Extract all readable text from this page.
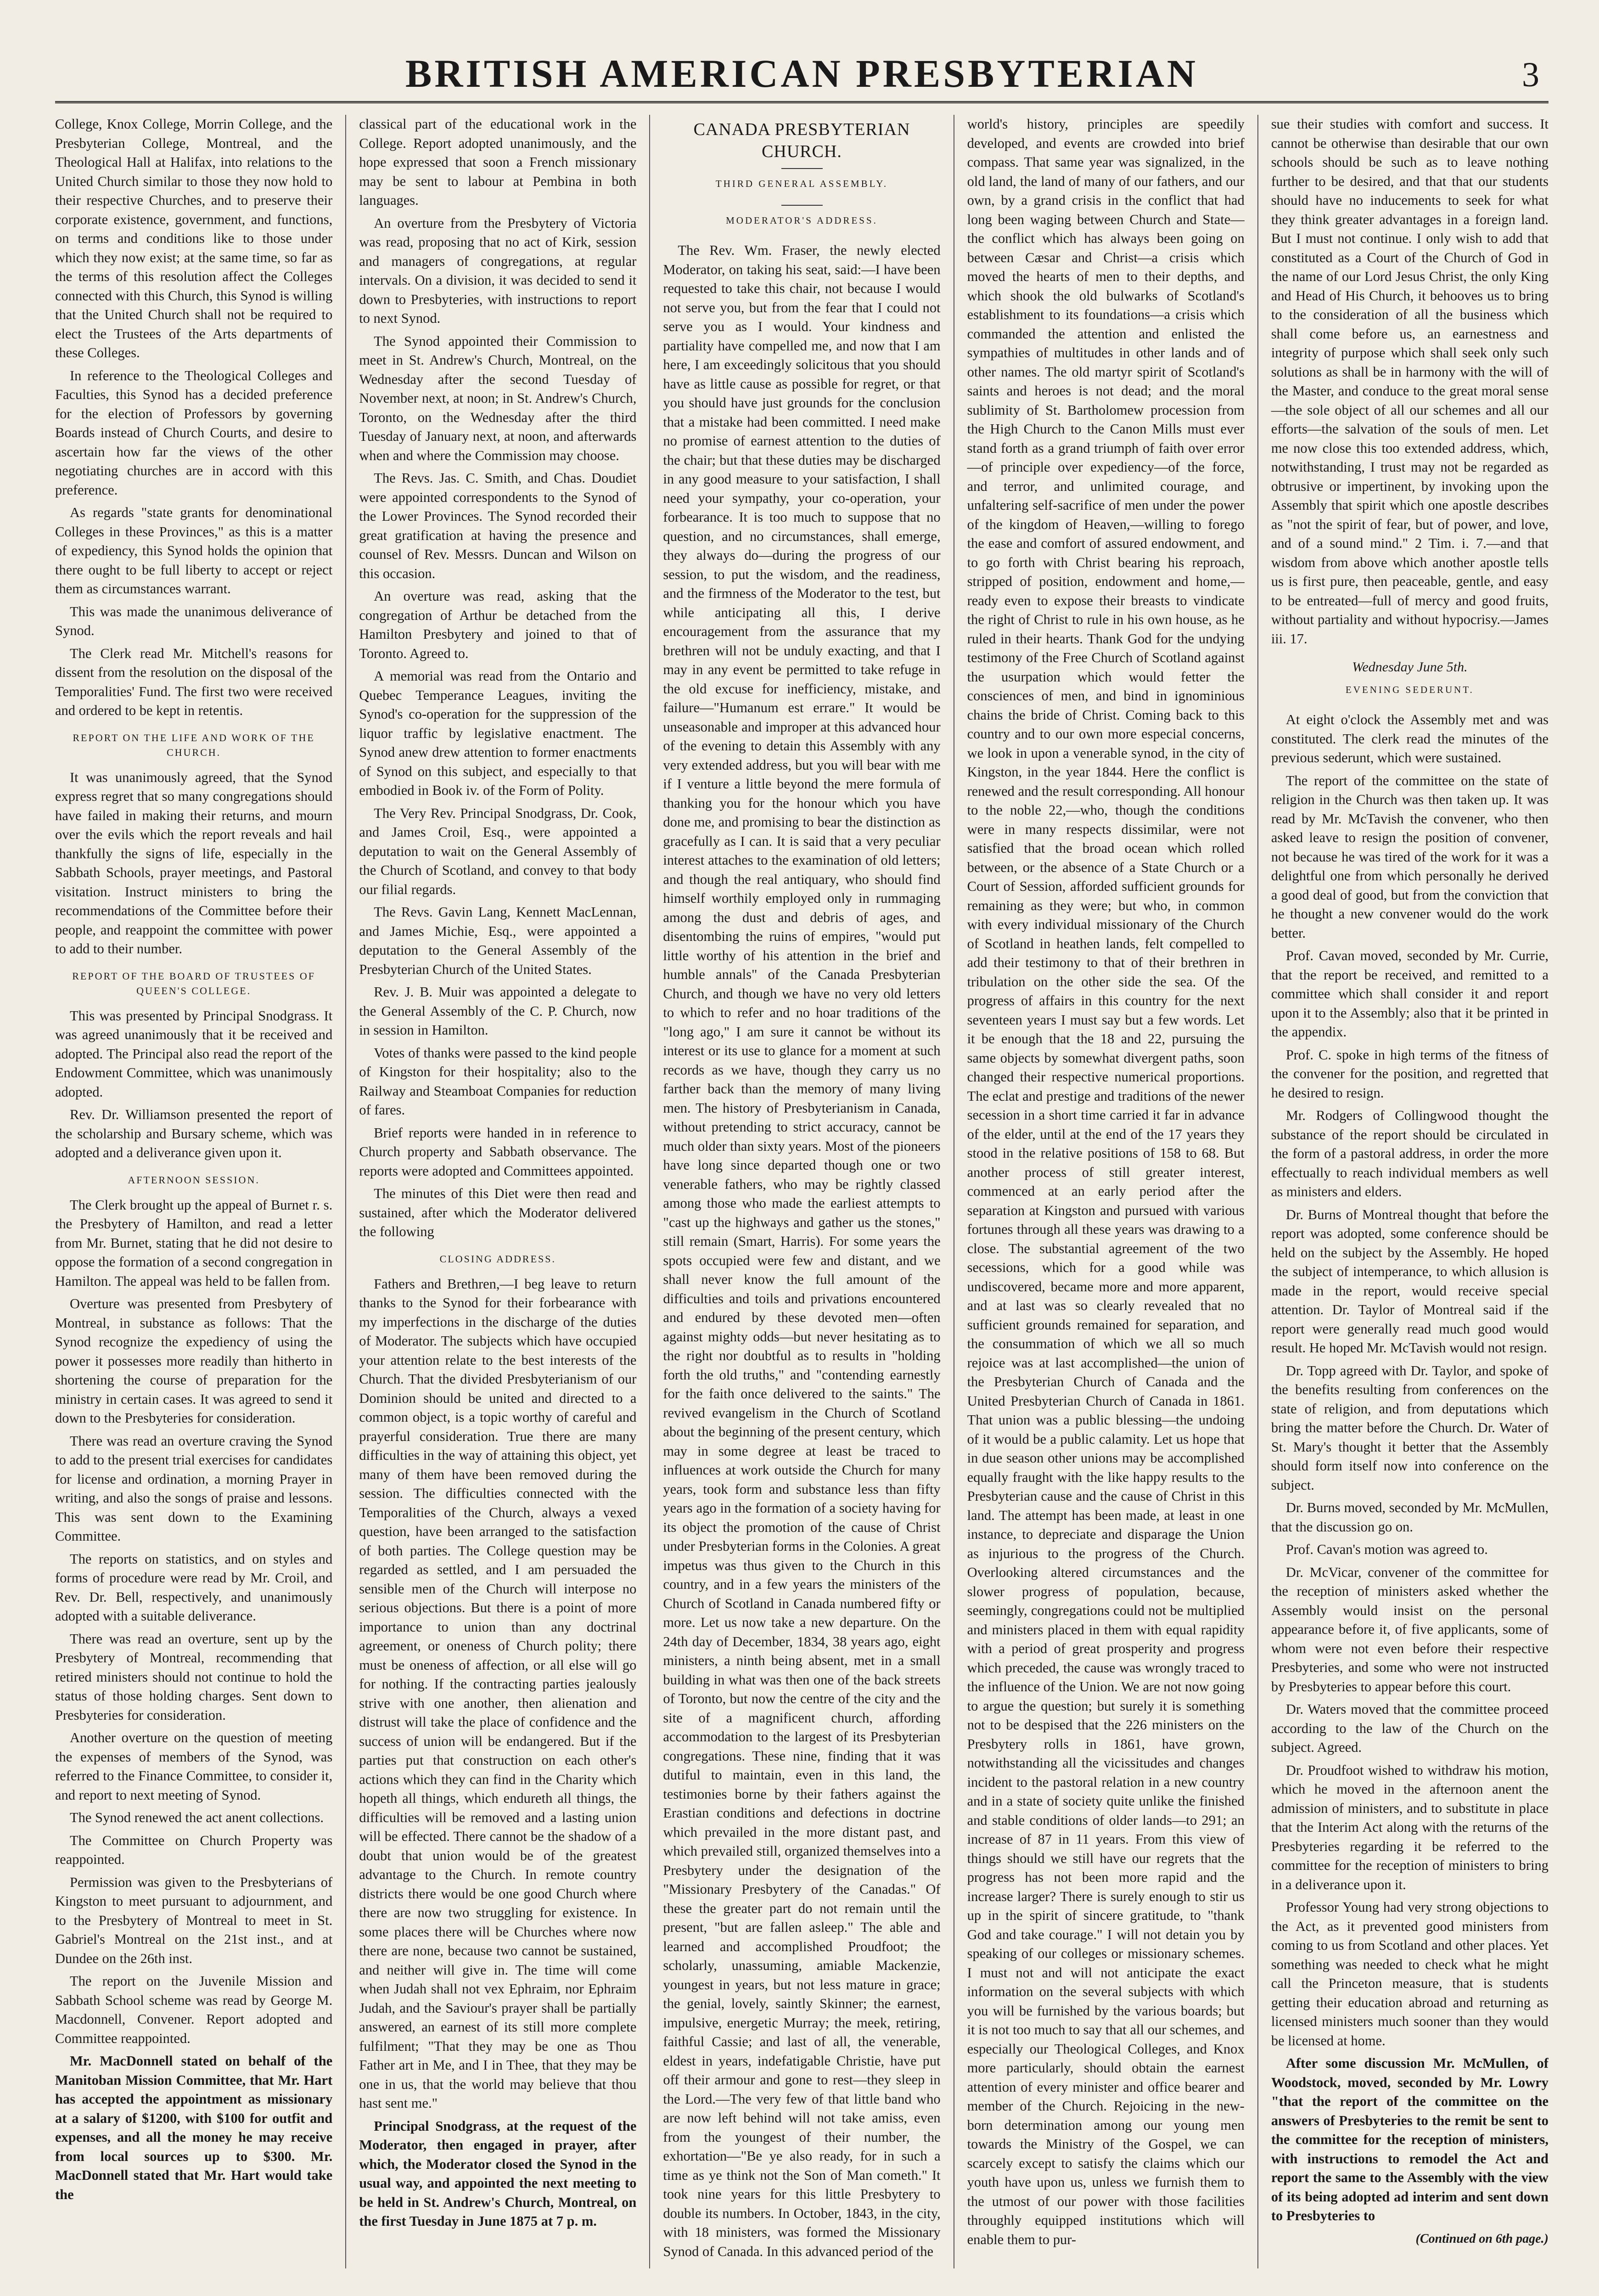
BRITISH AMERICAN PRESBYTERIAN	3

College, Knox College, Morrin College, and the Presbyterian College, Montreal, and the Theological Hall at Halifax, into relations to the United Church similar to those they now hold to their respective Churches, and to preserve their corporate existence, government, and functions, on terms and conditions like to those under which they now exist; at the same time, so far as the terms of this resolution affect the Colleges connected with this Church, this Synod is willing that the United Church shall not be required to elect the Trustees of the Arts departments of these Colleges.

In reference to the Theological Colleges and Faculties, this Synod has a decided preference for the election of Professors by governing Boards instead of Church Courts, and desire to ascertain how far the views of the other negotiating churches are in accord with this preference.

As regards "state grants for denominational Colleges in these Provinces," as this is a matter of expediency, this Synod holds the opinion that there ought to be full liberty to accept or reject them as circumstances warrant.

This was made the unanimous deliverance of Synod.

The Clerk read Mr. Mitchell's reasons for dissent from the resolution on the disposal of the Temporalities' Fund. The first two were received and ordered to be kept in retentis.

REPORT ON THE LIFE AND WORK OF THE CHURCH.

It was unanimously agreed, that the Synod express regret that so many congregations should have failed in making their returns, and mourn over the evils which the report reveals and hail thankfully the signs of life, especially in the Sabbath Schools, prayer meetings, and Pastoral visitation. Instruct ministers to bring the recommendations of the Committee before their people, and reappoint the committee with power to add to their number.

REPORT OF THE BOARD OF TRUSTEES OF QUEEN'S COLLEGE.

This was presented by Principal Snodgrass. It was agreed unanimously that it be received and adopted. The Principal also read the report of the Endowment Committee, which was unanimously adopted.

Rev. Dr. Williamson presented the report of the scholarship and Bursary scheme, which was adopted and a deliverance given upon it.

AFTERNOON SESSION.

The Clerk brought up the appeal of Burnet r. s. the Presbytery of Hamilton, and read a letter from Mr. Burnet, stating that he did not desire to oppose the formation of a second congregation in Hamilton. The appeal was held to be fallen from.

Overture was presented from Presbytery of Montreal, in substance as follows: That the Synod recognize the expediency of using the power it possesses more readily than hitherto in shortening the course of preparation for the ministry in certain cases. It was agreed to send it down to the Presbyteries for consideration.

There was read an overture craving the Synod to add to the present trial exercises for candidates for license and ordination, a morning Prayer in writing, and also the songs of praise and lessons. This was sent down to the Examining Committee.

The reports on statistics, and on styles and forms of procedure were read by Mr. Croil, and Rev. Dr. Bell, respectively, and unanimously adopted with a suitable deliverance.

There was read an overture, sent up by the Presbytery of Montreal, recommending that retired ministers should not continue to hold the status of those holding charges. Sent down to Presbyteries for consideration.

Another overture on the question of meeting the expenses of members of the Synod, was referred to the Finance Committee, to consider it, and report to next meeting of Synod.

The Synod renewed the act anent collections.

The Committee on Church Property was reappointed.

Permission was given to the Presbyterians of Kingston to meet pursuant to adjournment, and to the Presbytery of Montreal to meet in St. Gabriel's Montreal on the 21st inst., and at Dundee on the 26th inst.

The report on the Juvenile Mission and Sabbath School scheme was read by George M. Macdonnell, Convener. Report adopted and Committee reappointed.

Mr. MacDonnell stated on behalf of the Manitoban Mission Committee, that Mr. Hart has accepted the appointment as missionary at a salary of $1200, with $100 for outfit and expenses, and all the money he may receive from local sources up to $300. Mr. MacDonnell stated that Mr. Hart would take the

classical part of the educational work in the College. Report adopted unanimously, and the hope expressed that soon a French missionary may be sent to labour at Pembina in both languages.

An overture from the Presbytery of Victoria was read, proposing that no act of Kirk, session and managers of congregations, at regular intervals. On a division, it was decided to send it down to Presbyteries, with instructions to report to next Synod.

The Synod appointed their Commission to meet in St. Andrew's Church, Montreal, on the Wednesday after the second Tuesday of November next, at noon; in St. Andrew's Church, Toronto, on the Wednesday after the third Tuesday of January next, at noon, and afterwards when and where the Commission may choose.

The Revs. Jas. C. Smith, and Chas. Doudiet were appointed correspondents to the Synod of the Lower Provinces. The Synod recorded their great gratification at having the presence and counsel of Rev. Messrs. Duncan and Wilson on this occasion.

An overture was read, asking that the congregation of Arthur be detached from the Hamilton Presbytery and joined to that of Toronto. Agreed to.

A memorial was read from the Ontario and Quebec Temperance Leagues, inviting the Synod's co-operation for the suppression of the liquor traffic by legislative enactment. The Synod anew drew attention to former enactments of Synod on this subject, and especially to that embodied in Book iv. of the Form of Polity.

The Very Rev. Principal Snodgrass, Dr. Cook, and James Croil, Esq., were appointed a deputation to wait on the General Assembly of the Church of Scotland, and convey to that body our filial regards.

The Revs. Gavin Lang, Kennett MacLennan, and James Michie, Esq., were appointed a deputation to the General Assembly of the Presbyterian Church of the United States.

Rev. J. B. Muir was appointed a delegate to the General Assembly of the C. P. Church, now in session in Hamilton.

Votes of thanks were passed to the kind people of Kingston for their hospitality; also to the Railway and Steamboat Companies for reduction of fares.

Brief reports were handed in in reference to Church property and Sabbath observance. The reports were adopted and Committees appointed.

The minutes of this Diet were then read and sustained, after which the Moderator delivered the following

CLOSING ADDRESS.

Fathers and Brethren,—I beg leave to return thanks to the Synod for their forbearance with my imperfections in the discharge of the duties of Moderator. The subjects which have occupied your attention relate to the best interests of the Church. That the divided Presbyterianism of our Dominion should be united and directed to a common object, is a topic worthy of careful and prayerful consideration. True there are many difficulties in the way of attaining this object, yet many of them have been removed during the session. The difficulties connected with the Temporalities of the Church, always a vexed question, have been arranged to the satisfaction of both parties. The College question may be regarded as settled, and I am persuaded the sensible men of the Church will interpose no serious objections. But there is a point of more importance to union than any doctrinal agreement, or oneness of Church polity; there must be oneness of affection, or all else will go for nothing. If the contracting parties jealously strive with one another, then alienation and distrust will take the place of confidence and the success of union will be endangered. But if the parties put that construction on each other's actions which they can find in the Charity which hopeth all things, which endureth all things, the difficulties will be removed and a lasting union will be effected. There cannot be the shadow of a doubt that union would be of the greatest advantage to the Church. In remote country districts there would be one good Church where there are now two struggling for existence. In some places there will be Churches where now there are none, because two cannot be sustained, and neither will give in. The time will come when Judah shall not vex Ephraim, nor Ephraim Judah, and the Saviour's prayer shall be partially answered, an earnest of its still more complete fulfilment; "That they may be one as Thou Father art in Me, and I in Thee, that they may be one in us, that the world may believe that thou hast sent me."

Principal Snodgrass, at the request of the Moderator, then engaged in prayer, after which, the Moderator closed the Synod in the usual way, and appointed the next meeting to be held in St. Andrew's Church, Montreal, on the first Tuesday in June 1875 at 7 p. m.

CANADA PRESBYTERIAN CHURCH.
THIRD GENERAL ASSEMBLY.
MODERATOR'S ADDRESS.

The Rev. Wm. Fraser, the newly elected Moderator, on taking his seat, said:—I have been requested to take this chair, not because I would not serve you, but from the fear that I could not serve you as I would. Your kindness and partiality have compelled me, and now that I am here, I am exceedingly solicitous that you should have as little cause as possible for regret, or that you should have just grounds for the conclusion that a mistake had been committed. I need make no promise of earnest attention to the duties of the chair; but that these duties may be discharged in any good measure to your satisfaction, I shall need your sympathy, your co-operation, your forbearance. It is too much to suppose that no question, and no circumstances, shall emerge, they always do—during the progress of our session, to put the wisdom, and the readiness, and the firmness of the Moderator to the test, but while anticipating all this, I derive encouragement from the assurance that my brethren will not be unduly exacting, and that I may in any event be permitted to take refuge in the old excuse for inefficiency, mistake, and failure—"Humanum est errare." It would be unseasonable and improper at this advanced hour of the evening to detain this Assembly with any very extended address, but you will bear with me if I venture a little beyond the mere formula of thanking you for the honour which you have done me, and promising to bear the distinction as gracefully as I can. It is said that a very peculiar interest attaches to the examination of old letters; and though the real antiquary, who should find himself worthily employed only in rummaging among the dust and debris of ages, and disentombing the ruins of empires, "would put little worthy of his attention in the brief and humble annals" of the Canada Presbyterian Church, and though we have no very old letters to which to refer and no hoar traditions of the "long ago," I am sure it cannot be without its interest or its use to glance for a moment at such records as we have, though they carry us no farther back than the memory of many living men. The history of Presbyterianism in Canada, without pretending to strict accuracy, cannot be much older than sixty years. Most of the pioneers have long since departed though one or two venerable fathers, who may be rightly classed among those who made the earliest attempts to "cast up the highways and gather us the stones," still remain (Smart, Harris). For some years the spots occupied were few and distant, and we shall never know the full amount of the difficulties and toils and privations encountered and endured by these devoted men—often against mighty odds—but never hesitating as to the right nor doubtful as to results in "holding forth the old truths," and "contending earnestly for the faith once delivered to the saints." The revived evangelism in the Church of Scotland about the beginning of the present century, which may in some degree at least be traced to influences at work outside the Church for many years, took form and substance less than fifty years ago in the formation of a society having for its object the promotion of the cause of Christ under Presbyterian forms in the Colonies. A great impetus was thus given to the Church in this country, and in a few years the ministers of the Church of Scotland in Canada numbered fifty or more. Let us now take a new departure. On the 24th day of December, 1834, 38 years ago, eight ministers, a ninth being absent, met in a small building in what was then one of the back streets of Toronto, but now the centre of the city and the site of a magnificent church, affording accommodation to the largest of its Presbyterian congregations. These nine, finding that it was dutiful to maintain, even in this land, the testimonies borne by their fathers against the Erastian conditions and defections in doctrine which prevailed in the more distant past, and which prevailed still, organized themselves into a Presbytery under the designation of the "Missionary Presbytery of the Canadas." Of these the greater part do not remain until the present, "but are fallen asleep." The able and learned and accomplished Proudfoot; the scholarly, unassuming, amiable Mackenzie, youngest in years, but not less mature in grace; the genial, lovely, saintly Skinner; the earnest, impulsive, energetic Murray; the meek, retiring, faithful Cassie; and last of all, the venerable, eldest in years, indefatigable Christie, have put off their armour and gone to rest—they sleep in the Lord.—The very few of that little band who are now left behind will not take amiss, even from the youngest of their number, the exhortation—"Be ye also ready, for in such a time as ye think not the Son of Man cometh." It took nine years for this little Presbytery to double its numbers. In October, 1843, in the city, with 18 ministers, was formed the Missionary Synod of Canada. In this advanced period of the

world's history, principles are speedily developed, and events are crowded into brief compass. That same year was signalized, in the old land, the land of many of our fathers, and our own, by a grand crisis in the conflict that had long been waging between Church and State—the conflict which has always been going on between Cæsar and Christ—a crisis which moved the hearts of men to their depths, and which shook the old bulwarks of Scotland's establishment to its foundations—a crisis which commanded the attention and enlisted the sympathies of multitudes in other lands and of other names. The old martyr spirit of Scotland's saints and heroes is not dead; and the moral sublimity of St. Bartholomew procession from the High Church to the Canon Mills must ever stand forth as a grand triumph of faith over error—of principle over expediency—of the force, and terror, and unlimited courage, and unfaltering self-sacrifice of men under the power of the kingdom of Heaven,—willing to forego the ease and comfort of assured endowment, and to go forth with Christ bearing his reproach, stripped of position, endowment and home,—ready even to expose their breasts to vindicate the right of Christ to rule in his own house, as he ruled in their hearts. Thank God for the undying testimony of the Free Church of Scotland against the usurpation which would fetter the consciences of men, and bind in ignominious chains the bride of Christ. Coming back to this country and to our own more especial concerns, we look in upon a venerable synod, in the city of Kingston, in the year 1844. Here the conflict is renewed and the result corresponding. All honour to the noble 22,—who, though the conditions were in many respects dissimilar, were not satisfied that the broad ocean which rolled between, or the absence of a State Church or a Court of Session, afforded sufficient grounds for remaining as they were; but who, in common with every individual missionary of the Church of Scotland in heathen lands, felt compelled to add their testimony to that of their brethren in tribulation on the other side the sea. Of the progress of affairs in this country for the next seventeen years I must say but a few words. Let it be enough that the 18 and 22, pursuing the same objects by somewhat divergent paths, soon changed their respective numerical proportions. The eclat and prestige and traditions of the newer secession in a short time carried it far in advance of the elder, until at the end of the 17 years they stood in the relative positions of 158 to 68. But another process of still greater interest, commenced at an early period after the separation at Kingston and pursued with various fortunes through all these years was drawing to a close. The substantial agreement of the two secessions, which for a good while was undiscovered, became more and more apparent, and at last was so clearly revealed that no sufficient grounds remained for separation, and the consummation of which we all so much rejoice was at last accomplished—the union of the Presbyterian Church of Canada and the United Presbyterian Church of Canada in 1861. That union was a public blessing—the undoing of it would be a public calamity. Let us hope that in due season other unions may be accomplished equally fraught with the like happy results to the Presbyterian cause and the cause of Christ in this land. The attempt has been made, at least in one instance, to depreciate and disparage the Union as injurious to the progress of the Church. Overlooking altered circumstances and the slower progress of population, because, seemingly, congregations could not be multiplied and ministers placed in them with equal rapidity with a period of great prosperity and progress which preceded, the cause was wrongly traced to the influence of the Union. We are not now going to argue the question; but surely it is something not to be despised that the 226 ministers on the Presbytery rolls in 1861, have grown, notwithstanding all the vicissitudes and changes incident to the pastoral relation in a new country and in a state of society quite unlike the finished and stable conditions of older lands—to 291; an increase of 87 in 11 years. From this view of things should we still have our regrets that the progress has not been more rapid and the increase larger? There is surely enough to stir us up in the spirit of sincere gratitude, to "thank God and take courage." I will not detain you by speaking of our colleges or missionary schemes. I must not and will not anticipate the exact information on the several subjects with which you will be furnished by the various boards; but it is not too much to say that all our schemes, and especially our Theological Colleges, and Knox more particularly, should obtain the earnest attention of every minister and office bearer and member of the Church. Rejoicing in the new-born determination among our young men towards the Ministry of the Gospel, we can scarcely except to satisfy the claims which our youth have upon us, unless we furnish them to the utmost of our power with those facilities throughly equipped institutions which will enable them to pur-

sue their studies with comfort and success. It cannot be otherwise than desirable that our own schools should be such as to leave nothing further to be desired, and that that our students should have no inducements to seek for what they think greater advantages in a foreign land. But I must not continue. I only wish to add that constituted as a Court of the Church of God in the name of our Lord Jesus Christ, the only King and Head of His Church, it behooves us to bring to the consideration of all the business which shall come before us, an earnestness and integrity of purpose which shall seek only such solutions as shall be in harmony with the will of the Master, and conduce to the great moral sense—the sole object of all our schemes and all our efforts—the salvation of the souls of men. Let me now close this too extended address, which, notwithstanding, I trust may not be regarded as obtrusive or impertinent, by invoking upon the Assembly that spirit which one apostle describes as "not the spirit of fear, but of power, and love, and of a sound mind." 2 Tim. i. 7.—and that wisdom from above which another apostle tells us is first pure, then peaceable, gentle, and easy to be entreated—full of mercy and good fruits, without partiality and without hypocrisy.—James iii. 17.

Wednesday June 5th.
EVENING SEDERUNT.

At eight o'clock the Assembly met and was constituted. The clerk read the minutes of the previous sederunt, which were sustained.

The report of the committee on the state of religion in the Church was then taken up. It was read by Mr. McTavish the convener, who then asked leave to resign the position of convener, not because he was tired of the work for it was a delightful one from which personally he derived a good deal of good, but from the conviction that he thought a new convener would do the work better.

Prof. Cavan moved, seconded by Mr. Currie, that the report be received, and remitted to a committee which shall consider it and report upon it to the Assembly; also that it be printed in the appendix.

Prof. C. spoke in high terms of the fitness of the convener for the position, and regretted that he desired to resign.

Mr. Rodgers of Collingwood thought the substance of the report should be circulated in the form of a pastoral address, in order the more effectually to reach individual members as well as ministers and elders.

Dr. Burns of Montreal thought that before the report was adopted, some conference should be held on the subject by the Assembly. He hoped the subject of intemperance, to which allusion is made in the report, would receive special attention. Dr. Taylor of Montreal said if the report were generally read much good would result. He hoped Mr. McTavish would not resign.

Dr. Topp agreed with Dr. Taylor, and spoke of the benefits resulting from conferences on the state of religion, and from deputations which bring the matter before the Church. Dr. Water of St. Mary's thought it better that the Assembly should form itself now into conference on the subject.

Dr. Burns moved, seconded by Mr. McMullen, that the discussion go on.

Prof. Cavan's motion was agreed to.

Dr. McVicar, convener of the committee for the reception of ministers asked whether the Assembly would insist on the personal appearance before it, of five applicants, some of whom were not even before their respective Presbyteries, and some who were not instructed by Presbyteries to appear before this court.

Dr. Waters moved that the committee proceed according to the law of the Church on the subject. Agreed.

Dr. Proudfoot wished to withdraw his motion, which he moved in the afternoon anent the admission of ministers, and to substitute in place that the Interim Act along with the returns of the Presbyteries regarding it be referred to the committee for the reception of ministers to bring in a deliverance upon it.

Professor Young had very strong objections to the Act, as it prevented good ministers from coming to us from Scotland and other places. Yet something was needed to check what he might call the Princeton measure, that is students getting their education abroad and returning as licensed ministers much sooner than they would be licensed at home.

After some discussion Mr. McMullen, of Woodstock, moved, seconded by Mr. Lowry "that the report of the committee on the answers of Presbyteries to the remit be sent to the committee for the reception of ministers, with instructions to remodel the Act and report the same to the Assembly with the view of its being adopted ad interim and sent down to Presbyteries to

(Continued on 6th page.)
